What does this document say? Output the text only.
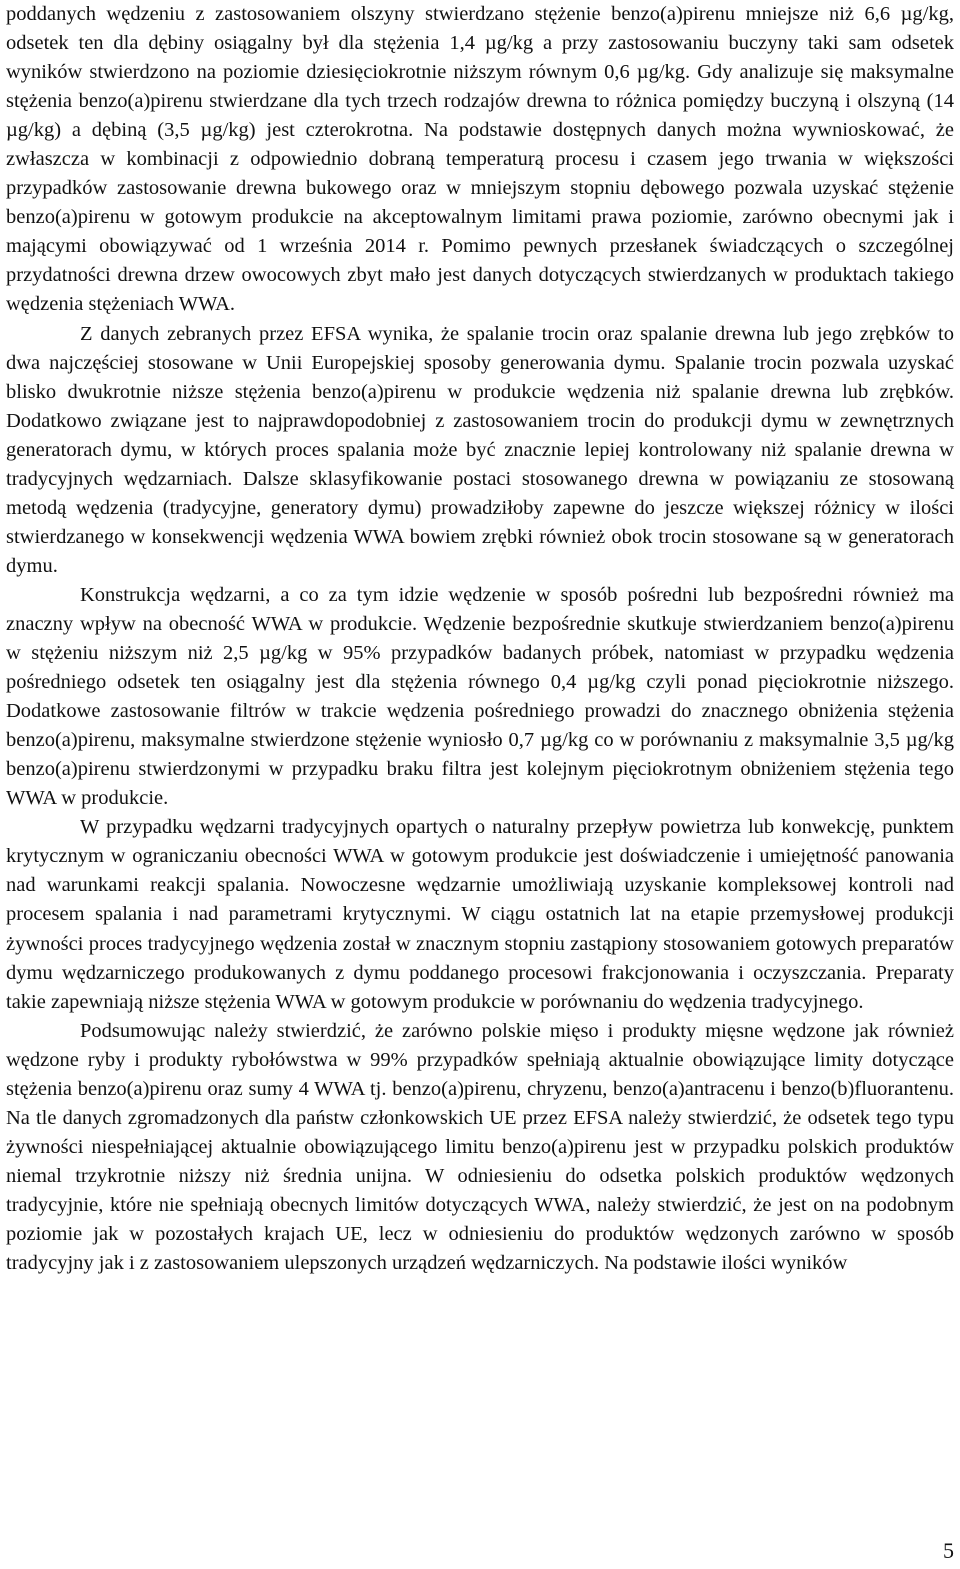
poddanych wędzeniu z zastosowaniem olszyny stwierdzano stężenie benzo(a)pirenu mniejsze niż 6,6 µg/kg, odsetek ten dla dębiny osiągalny był dla stężenia 1,4 µg/kg a przy zastosowaniu buczyny taki sam odsetek wyników stwierdzono na poziomie dziesięciokrotnie niższym równym 0,6 µg/kg. Gdy analizuje się maksymalne stężenia benzo(a)pirenu stwierdzane dla tych trzech rodzajów drewna to różnica pomiędzy buczyną i olszyną (14 µg/kg) a dębiną (3,5 µg/kg) jest czterokrotna. Na podstawie dostępnych danych można wywnioskować, że zwłaszcza w kombinacji z odpowiednio dobraną temperaturą procesu i czasem jego trwania w większości przypadków zastosowanie drewna bukowego oraz w mniejszym stopniu dębowego pozwala uzyskać stężenie benzo(a)pirenu w gotowym produkcie na akceptowalnym limitami prawa poziomie, zarówno obecnymi jak i mającymi obowiązywać od 1 września 2014 r. Pomimo pewnych przesłanek świadczących o szczególnej przydatności drewna drzew owocowych zbyt mało jest danych dotyczących stwierdzanych w produktach takiego wędzenia stężeniach WWA.

Z danych zebranych przez EFSA wynika, że spalanie trocin oraz spalanie drewna lub jego zrębków to dwa najczęściej stosowane w Unii Europejskiej sposoby generowania dymu. Spalanie trocin pozwala uzyskać blisko dwukrotnie niższe stężenia benzo(a)pirenu w produkcie wędzenia niż spalanie drewna lub zrębków. Dodatkowo związane jest to najprawdopodobniej z zastosowaniem trocin do produkcji dymu w zewnętrznych generatorach dymu, w których proces spalania może być znacznie lepiej kontrolowany niż spalanie drewna w tradycyjnych wędzarniach. Dalsze sklasyfikowanie postaci stosowanego drewna w powiązaniu ze stosowaną metodą wędzenia (tradycyjne, generatory dymu) prowadziłoby zapewne do jeszcze większej różnicy w ilości stwierdzanego w konsekwencji wędzenia WWA bowiem zrębki również obok trocin stosowane są w generatorach dymu.

Konstrukcja wędzarni, a co za tym idzie wędzenie w sposób pośredni lub bezpośredni również ma znaczny wpływ na obecność WWA w produkcie. Wędzenie bezpośrednie skutkuje stwierdzaniem benzo(a)pirenu w stężeniu niższym niż 2,5 µg/kg w 95% przypadków badanych próbek, natomiast w przypadku wędzenia pośredniego odsetek ten osiągalny jest dla stężenia równego 0,4 µg/kg czyli ponad pięciokrotnie niższego. Dodatkowe zastosowanie filtrów w trakcie wędzenia pośredniego prowadzi do znacznego obniżenia stężenia benzo(a)pirenu, maksymalne stwierdzone stężenie wyniosło 0,7 µg/kg co w porównaniu z maksymalnie 3,5 µg/kg benzo(a)pirenu stwierdzonymi w przypadku braku filtra jest kolejnym pięciokrotnym obniżeniem stężenia tego WWA w produkcie.

W przypadku wędzarni tradycyjnych opartych o naturalny przepływ powietrza lub konwekcję, punktem krytycznym w ograniczaniu obecności WWA w gotowym produkcie jest doświadczenie i umiejętność panowania nad warunkami reakcji spalania. Nowoczesne wędzarnie umożliwiają uzyskanie kompleksowej kontroli nad procesem spalania i nad parametrami krytycznymi. W ciągu ostatnich lat na etapie przemysłowej produkcji żywności proces tradycyjnego wędzenia został w znacznym stopniu zastąpiony stosowaniem gotowych preparatów dymu wędzarniczego produkowanych z dymu poddanego procesowi frakcjonowania i oczyszczania. Preparaty takie zapewniają niższe stężenia WWA w gotowym produkcie w porównaniu do wędzenia tradycyjnego.

Podsumowując należy stwierdzić, że zarówno polskie mięso i produkty mięsne wędzone jak również wędzone ryby i produkty rybołówstwa w 99% przypadków spełniają aktualnie obowiązujące limity dotyczące stężenia benzo(a)pirenu oraz sumy 4 WWA tj. benzo(a)pirenu, chryzenu, benzo(a)antracenu i benzo(b)fluorantenu. Na tle danych zgromadzonych dla państw członkowskich UE przez EFSA należy stwierdzić, że odsetek tego typu żywności niespełniającej aktualnie obowiązującego limitu benzo(a)pirenu jest w przypadku polskich produktów niemal trzykrotnie niższy niż średnia unijna. W odniesieniu do odsetka polskich produktów wędzonych tradycyjnie, które nie spełniają obecnych limitów dotyczących WWA, należy stwierdzić, że jest on na podobnym poziomie jak w pozostałych krajach UE, lecz w odniesieniu do produktów wędzonych zarówno w sposób tradycyjny jak i z zastosowaniem ulepszonych urządzeń wędzarniczych. Na podstawie ilości wyników

5
